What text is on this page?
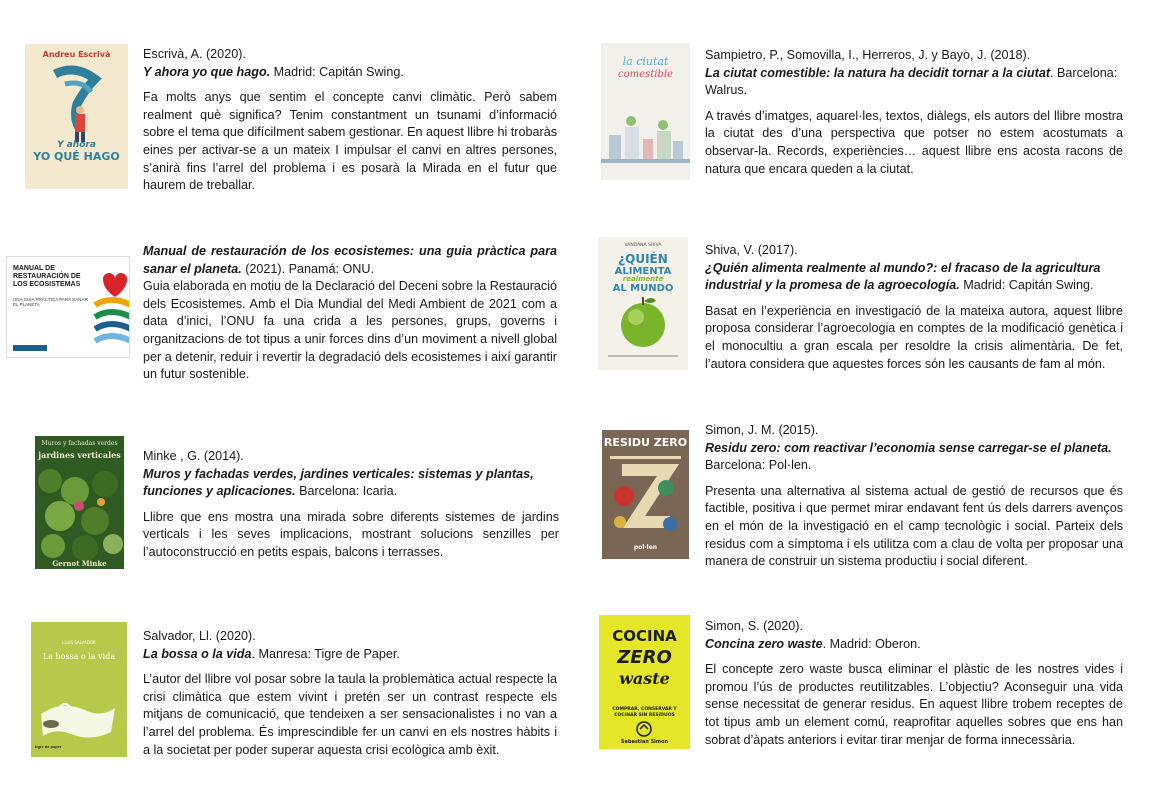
Andreu Escrivà
Y ahora
YO QUÉ HAGO

Escrivà, A. (2020).
Y ahora yo que hago. Madrid: Capitán Swing.

Fa molts anys que sentim el concepte canvi climàtic. Però sabem realment què significa? Tenim constantment un tsunami d’informació sobre el tema que difícilment sabem gestionar. En aquest llibre hi trobaràs eines per activar-se a un mateix I impulsar el canvi en altres persones, s’anirà fins l’arrel del problema i es posarà la Mirada en el futur que haurem de treballar.

MANUAL DE
RESTAURACIÓN DE
LOS ECOSISTEMAS
UNA GUÍA PRÁCTICA PARA SANAR EL PLANETA

Manual de restauración de los ecosistemes: una guia pràctica para sanar el planeta. (2021). Panamá: ONU.

Guia elaborada en motiu de la Declaració del Deceni sobre la Restauració dels Ecosistemes. Amb el Dia Mundial del Medi Ambient de 2021 com a data d’inici, l’ONU fa una crida a les persones, grups, governs i organitzacions de tot tipus a unir forces dins d’un moviment a nivell global per a detenir, reduir i revertir la degradació dels ecosistemes i així garantir un futur sostenible.

Muros y fachadas verdes
jardines verticales
Gernot Minke

Minke , G. (2014).
Muros y fachadas verdes, jardines verticales: sistemas y plantas, funciones y aplicaciones. Barcelona: Icaria.

Llibre que ens mostra una mirada sobre diferents sistemes de jardins verticals i les seves implicacions, mostrant solucions senzilles per l’autoconstrucció en petits espais, balcons i terrasses.

LLUÍS SALVADOR
La bossa o la vida
tigre de paper

Salvador, Ll. (2020).
La bossa o la vida. Manresa: Tigre de Paper.

L’autor del llibre vol posar sobre la taula la problemàtica actual respecte la crisi climàtica que estem vivint i pretén ser un contrast respecte els mitjans de comunicació, que tendeixen a ser sensacionalistes i no van a l’arrel del problema. És imprescindible fer un canvi en els nostres hàbits i a la societat per poder superar aquesta crisi ecològica amb èxit.

la ciutat
comestible

Sampietro, P., Somovilla, I., Herreros, J. y Bayo, J. (2018).
La ciutat comestible: la natura ha decidit tornar a la ciutat. Barcelona: Walrus.

A través d’imatges, aquarel·les, textos, diàlegs, els autors del llibre mostra la ciutat des d’una perspectiva que potser no estem acostumats a observar-la. Records, experiències… aquest llibre ens acosta racons de natura que encara queden a la ciutat.

VANDANA SHIVA
¿QUIÉN
ALIMENTA
realmente
AL MUNDO

Shiva, V. (2017).
¿Quién alimenta realmente al mundo?: el fracaso de la agricultura industrial y la promesa de la agroecología. Madrid: Capitán Swing.

Basat en l’experiència en investigació de la mateixa autora, aquest llibre proposa considerar l’agroecologia en comptes de la modificació genètica i el monocultiu a gran escala per resoldre la crisis alimentària. De fet, l’autora considera que aquestes forces són les causants de fam al món.

RESIDU ZERO
pol·len

Simon, J. M. (2015).
Residu zero: com reactivar l’economia sense carregar-se el planeta. Barcelona: Pol·len.

Presenta una alternativa al sistema actual de gestió de recursos que és factible, positiva i que permet mirar endavant fent ús dels darrers avenços en el món de la investigació en el camp tecnològic i social. Parteix dels residus com a símptoma i els utilitza com a clau de volta per proposar una manera de construir un sistema productiu i social diferent.

COCINA
ZERO
waste
COMPRAR, CONSERVAR Y COCINAR SIN RESIDUOS
Sebastian Simon

Simon, S. (2020).
Concina zero waste. Madrid: Oberon.

El concepte zero waste busca eliminar el plàstic de les nostres vides i promou l’ús de productes reutilitzables. L’objectiu? Aconseguir una vida sense necessitat de generar residus. En aquest llibre trobem receptes de tot tipus amb un element comú, reaprofitar aquelles sobres que ens han sobrat d’àpats anteriors i evitar tirar menjar de forma innecessària.
